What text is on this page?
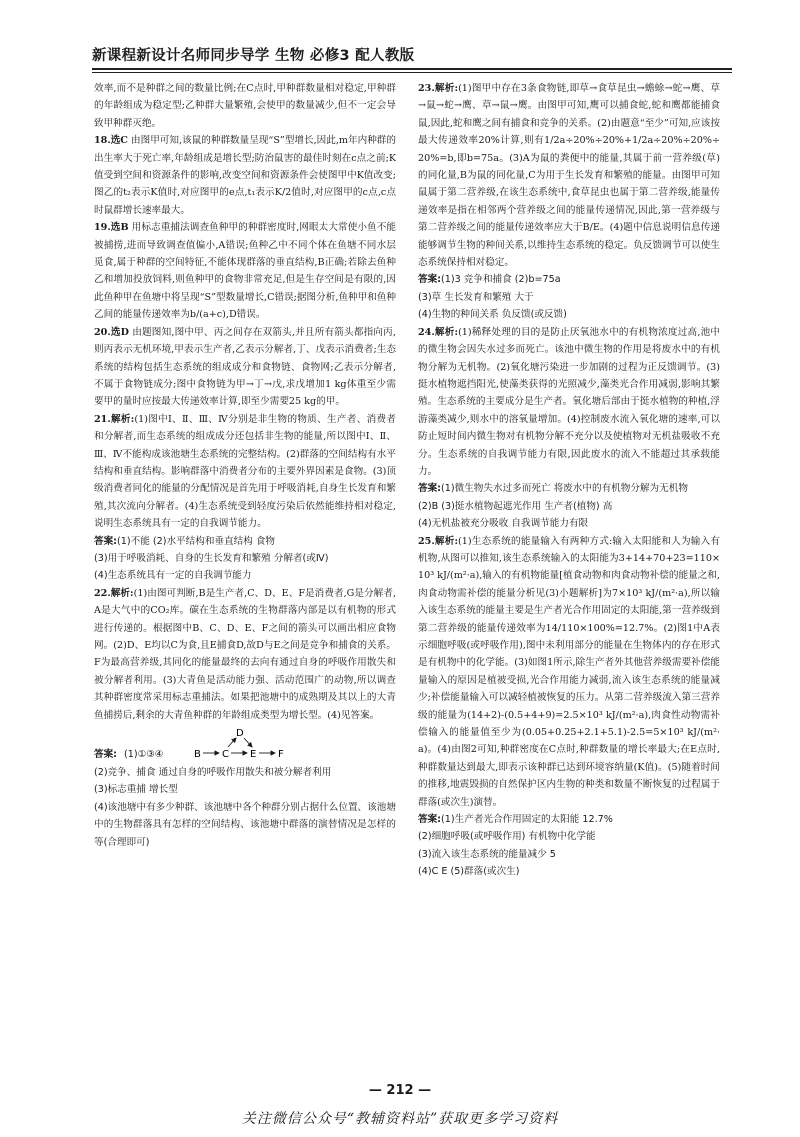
新课程新设计名师同步导学 生物 必修3 配人教版

效率,而不是种群之间的数量比例;在C点时,甲种群数量相对稳定,甲种群的年龄组成为稳定型;乙种群大量繁殖,会使甲的数量减少,但不一定会导致甲种群灭绝。

18.选C 由图甲可知,该鼠的种群数量呈现“S”型增长,因此,m年内种群的出生率大于死亡率,年龄组成是增长型;防治鼠害的最佳时刻在c点之前;K值受到空间和资源条件的影响,改变空间和资源条件会使图甲中K值改变;图乙的t₂表示K值时,对应图甲的e点,t₁表示K/2值时,对应图甲的c点,c点时鼠群增长速率最大。

19.选B 用标志重捕法调查鱼种甲的种群密度时,网眼太大常使小鱼不能被捕捞,进而导致调查值偏小,A错误;鱼种乙中不同个体在鱼塘不同水层觅食,属于种群的空间特征,不能体现群落的垂直结构,B正确;若除去鱼种乙和增加投放饲料,则鱼种甲的食物非常充足,但是生存空间是有限的,因此鱼种甲在鱼塘中将呈现“S”型数量增长,C错误;据图分析,鱼种甲和鱼种乙间的能量传递效率为b/(a+c),D错误。

20.选D 由题图知,图中甲、丙之间存在双箭头,并且所有箭头都指向丙,则丙表示无机环境,甲表示生产者,乙表示分解者,丁、戊表示消费者;生态系统的结构包括生态系统的组成成分和食物链、食物网;乙表示分解者,不属于食物链成分;图中食物链为甲→丁→戊,求戊增加1 kg体重至少需要甲的量时应按最大传递效率计算,即至少需要25 kg的甲。

21.解析:(1)图中Ⅰ、Ⅱ、Ⅲ、Ⅳ分别是非生物的物质、生产者、消费者和分解者,而生态系统的组成成分还包括非生物的能量,所以图中Ⅰ、Ⅱ、Ⅲ、Ⅳ不能构成该池塘生态系统的完整结构。(2)群落的空间结构有水平结构和垂直结构。影响群落中消费者分布的主要外界因素是食物。(3)顶级消费者同化的能量的分配情况是首先用于呼吸消耗,自身生长发育和繁殖,其次流向分解者。(4)生态系统受到轻度污染后依然能维持相对稳定,说明生态系统具有一定的自我调节能力。

答案:(1)不能 (2)水平结构和垂直结构 食物

(3)用于呼吸消耗、自身的生长发育和繁殖 分解者(或Ⅳ)

(4)生态系统具有一定的自我调节能力

22.解析:(1)由图可判断,B是生产者,C、D、E、F是消费者,G是分解者,A是大气中的CO₂库。碳在生态系统的生物群落内部是以有机物的形式进行传递的。根据图中B、C、D、E、F之间的箭头可以画出相应食物网。(2)D、E均以C为食,且E捕食D,故D与E之间是竞争和捕食的关系。F为最高营养级,其同化的能量最终的去向有通过自身的呼吸作用散失和被分解者利用。(3)大青鱼是活动能力强、活动范围广的动物,所以调查其种群密度常采用标志重捕法。如果把池塘中的成熟期及其以上的大青鱼捕捞后,剩余的大青鱼种群的年龄组成类型为增长型。(4)见答案。

答案: (1)①③④	B C E F
D

(2)竞争、捕食 通过自身的呼吸作用散失和被分解者利用

(3)标志重捕 增长型

(4)该池塘中有多少种群、该池塘中各个种群分别占据什么位置、该池塘中的生物群落具有怎样的空间结构、该池塘中群落的演替情况是怎样的等(合理即可)

23.解析:(1)图甲中存在3条食物链,即草→食草昆虫→蟾蜍→蛇→鹰、草→鼠→蛇→鹰、草→鼠→鹰。由图甲可知,鹰可以捕食蛇,蛇和鹰都能捕食鼠,因此,蛇和鹰之间有捕食和竞争的关系。(2)由题意“至少”可知,应该按最大传递效率20%计算,则有1/2a÷20%÷20%+1/2a÷20%÷20%÷20%=b,即b=75a。(3)A为鼠的粪便中的能量,其属于前一营养级(草)的同化量,B为鼠的同化量,C为用于生长发育和繁殖的能量。由图甲可知鼠属于第二营养级,在该生态系统中,食草昆虫也属于第二营养级,能量传递效率是指在相邻两个营养级之间的能量传递情况,因此,第一营养级与第二营养级之间的能量传递效率应大于B/E。(4)题中信息说明信息传递能够调节生物的种间关系,以维持生态系统的稳定。负反馈调节可以使生态系统保持相对稳定。

答案:(1)3 竞争和捕食 (2)b=75a

(3)草 生长发育和繁殖 大于

(4)生物的种间关系 负反馈(或反馈)

24.解析:(1)稀释处理的目的是防止厌氧池水中的有机物浓度过高,池中的微生物会因失水过多而死亡。该池中微生物的作用是将废水中的有机物分解为无机物。(2)氧化塘污染进一步加剧的过程为正反馈调节。(3)挺水植物遮挡阳光,使藻类获得的光照减少,藻类光合作用减弱,影响其繁殖。生态系统的主要成分是生产者。氧化塘后部由于挺水植物的种植,浮游藻类减少,则水中的溶氧量增加。(4)控制废水流入氧化塘的速率,可以防止短时间内微生物对有机物分解不充分以及使植物对无机盐吸收不充分。生态系统的自我调节能力有限,因此废水的流入不能超过其承载能力。

答案:(1)微生物失水过多而死亡 将废水中的有机物分解为无机物

(2)B (3)挺水植物起遮光作用 生产者(植物) 高

(4)无机盐被充分吸收 自我调节能力有限

25.解析:(1)生态系统的能量输入有两种方式:输入太阳能和人为输入有机物,从图可以推知,该生态系统输入的太阳能为3+14+70+23=110×10³ kJ/(m²·a),输入的有机物能量[植食动物和肉食动物补偿的能量之和,肉食动物需补偿的能量分析见(3)小题解析]为7×10³ kJ/(m²·a),所以输入该生态系统的能量主要是生产者光合作用固定的太阳能,第一营养级到第二营养级的能量传递效率为14/110×100%=12.7%。(2)图1中A表示细胞呼吸(或呼吸作用),图中未利用部分的能量在生物体内的存在形式是有机物中的化学能。(3)如图1所示,除生产者外其他营养级需要补偿能量输入的原因是植被受损,光合作用能力减弱,流入该生态系统的能量减少;补偿能量输入可以减轻植被恢复的压力。从第二营养级流入第三营养级的能量为(14+2)-(0.5+4+9)=2.5×10³ kJ/(m²·a),肉食性动物需补偿输入的能量值至少为(0.05+0.25+2.1+5.1)-2.5=5×10³ kJ/(m²·a)。(4)由图2可知,种群密度在C点时,种群数量的增长率最大;在E点时,种群数量达到最大,即表示该种群已达到环境容纳量(K值)。(5)随着时间的推移,地震毁损的自然保护区内生物的种类和数量不断恢复的过程属于群落(或次生)演替。

答案:(1)生产者光合作用固定的太阳能 12.7%

(2)细胞呼吸(或呼吸作用) 有机物中化学能

(3)流入该生态系统的能量减少 5

(4)C E (5)群落(或次生)

— 212 —
关注微信公众号“教辅资料站”获取更多学习资料
